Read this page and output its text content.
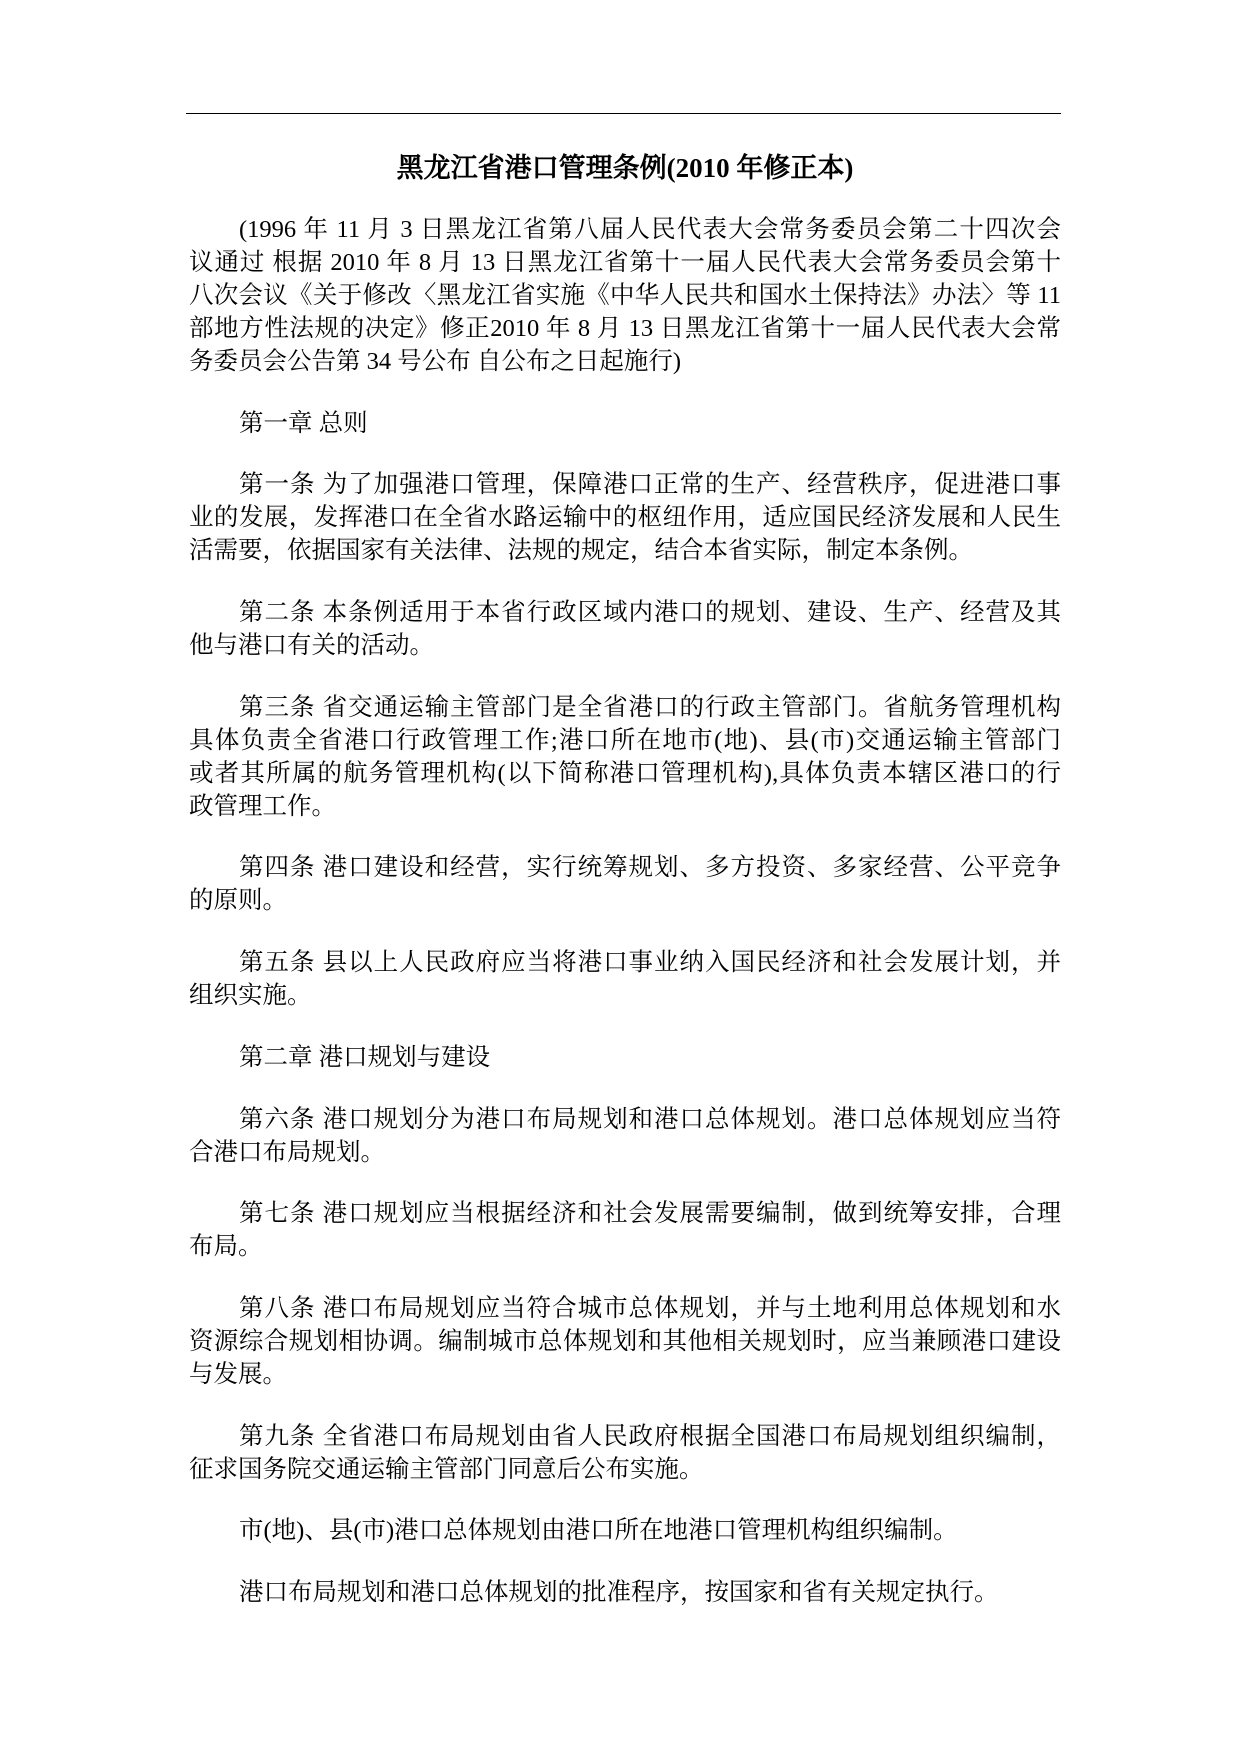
黑龙江省港口管理条例(2010 年修正本)
(1996 年 11 月 3 日黑龙江省第八届人民代表大会常务委员会第二十四次会
议通过 根据 2010 年 8 月 13 日黑龙江省第十一届人民代表大会常务委员会第十
八次会议《关于修改〈黑龙江省实施《中华人民共和国水土保持法》办法〉等 11
部地方性法规的决定》修正2010 年 8 月 13 日黑龙江省第十一届人民代表大会常
务委员会公告第 34 号公布 自公布之日起施行)
第一章 总则
第一条 为了加强港口管理，保障港口正常的生产、经营秩序，促进港口事
业的发展，发挥港口在全省水路运输中的枢纽作用，适应国民经济发展和人民生
活需要，依据国家有关法律、法规的规定，结合本省实际，制定本条例。
第二条 本条例适用于本省行政区域内港口的规划、建设、生产、经营及其
他与港口有关的活动。
第三条 省交通运输主管部门是全省港口的行政主管部门。省航务管理机构
具体负责全省港口行政管理工作;港口所在地市(地)、县(市)交通运输主管部门
或者其所属的航务管理机构(以下简称港口管理机构),具体负责本辖区港口的行
政管理工作。
第四条 港口建设和经营，实行统筹规划、多方投资、多家经营、公平竞争
的原则。
第五条 县以上人民政府应当将港口事业纳入国民经济和社会发展计划，并
组织实施。
第二章 港口规划与建设
第六条 港口规划分为港口布局规划和港口总体规划。港口总体规划应当符
合港口布局规划。
第七条 港口规划应当根据经济和社会发展需要编制，做到统筹安排，合理
布局。
第八条 港口布局规划应当符合城市总体规划，并与土地利用总体规划和水
资源综合规划相协调。编制城市总体规划和其他相关规划时，应当兼顾港口建设
与发展。
第九条 全省港口布局规划由省人民政府根据全国港口布局规划组织编制，
征求国务院交通运输主管部门同意后公布实施。
市(地)、县(市)港口总体规划由港口所在地港口管理机构组织编制。
港口布局规划和港口总体规划的批准程序，按国家和省有关规定执行。
